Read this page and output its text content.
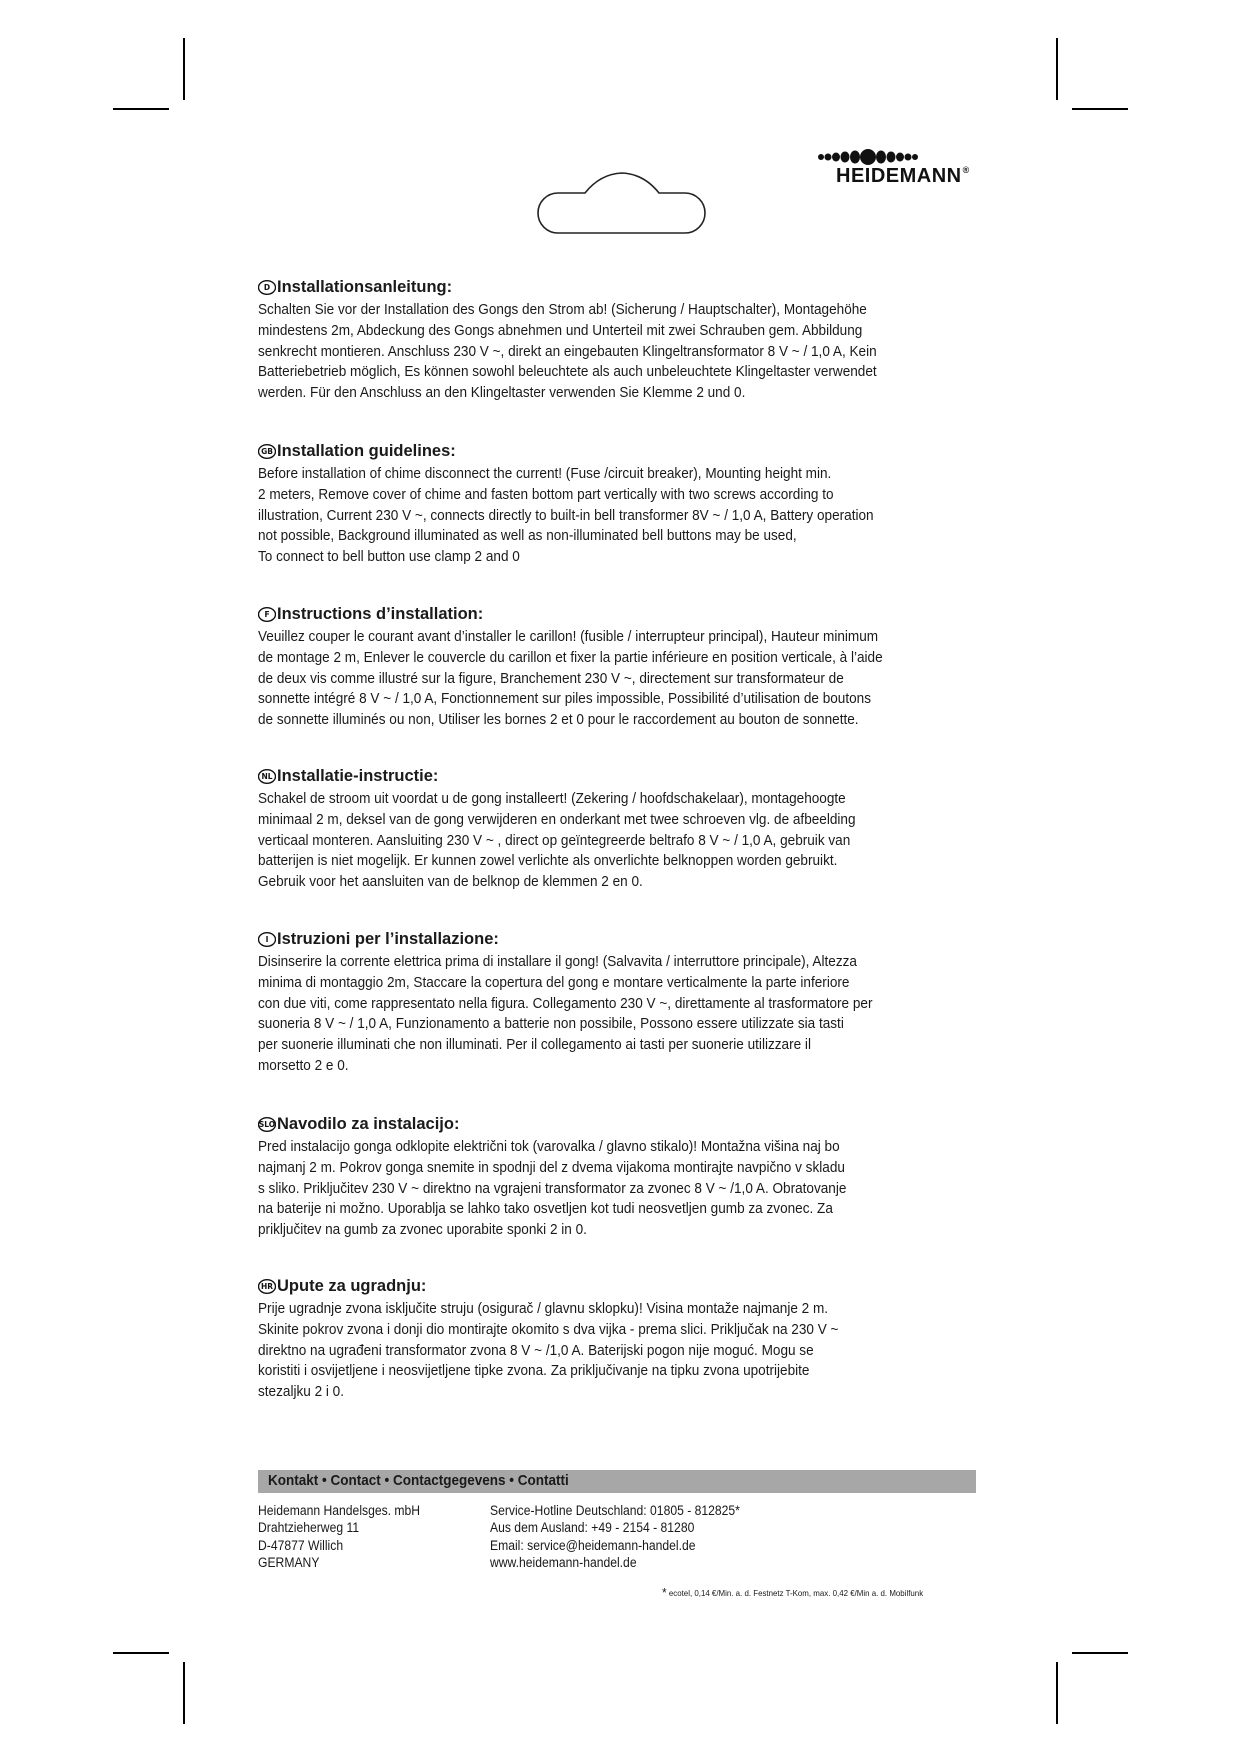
HEIDEMANN®
D Installationsanleitung:
Schalten Sie vor der Installation des Gongs den Strom ab! (Sicherung / Hauptschalter), Montagehöhe
mindestens 2m, Abdeckung des Gongs abnehmen und Unterteil mit zwei Schrauben gem. Abbildung
senkrecht montieren. Anschluss 230 V ~, direkt an eingebauten Klingeltransformator 8 V ~ / 1,0 A, Kein
Batteriebetrieb möglich, Es können sowohl beleuchtete als auch unbeleuchtete Klingeltaster verwendet
werden. Für den Anschluss an den Klingeltaster verwenden Sie Klemme 2 und 0.
GB Installation guidelines:
Before installation of chime disconnect the current! (Fuse /circuit breaker), Mounting height min.
2 meters, Remove cover of chime and fasten bottom part vertically with two screws according to
illustration, Current 230 V ~, connects directly to built-in bell transformer 8V ~ / 1,0 A, Battery operation
not possible, Background illuminated as well as non-illuminated bell buttons may be used,
To connect to bell button use clamp 2 and 0
F Instructions d’installation:
Veuillez couper le courant avant d’installer le carillon! (fusible / interrupteur principal), Hauteur minimum
de montage 2 m, Enlever le couvercle du carillon et fixer la partie inférieure en position verticale, à l’aide
de deux vis comme illustré sur la figure, Branchement 230 V ~, directement sur transformateur de
sonnette intégré 8 V ~ / 1,0 A, Fonctionnement sur piles impossible, Possibilité d’utilisation de boutons
de sonnette illuminés ou non, Utiliser les bornes 2 et 0 pour le raccordement au bouton de sonnette.
NL Installatie-instructie:
Schakel de stroom uit voordat u de gong installeert! (Zekering / hoofdschakelaar), montagehoogte
minimaal 2 m, deksel van de gong verwijderen en onderkant met twee schroeven vlg. de afbeelding
verticaal monteren. Aansluiting 230 V ~ , direct op geïntegreerde beltrafo 8 V ~ / 1,0 A, gebruik van
batterijen is niet mogelijk. Er kunnen zowel verlichte als onverlichte belknoppen worden gebruikt.
Gebruik voor het aansluiten van de belknop de klemmen 2 en 0.
I Istruzioni per l’installazione:
Disinserire la corrente elettrica prima di installare il gong! (Salvavita / interruttore principale), Altezza
minima di montaggio 2m, Staccare la copertura del gong e montare verticalmente la parte inferiore
con due viti, come rappresentato nella figura. Collegamento 230 V ~, direttamente al trasformatore per
suoneria 8 V ~ / 1,0 A, Funzionamento a batterie non possibile, Possono essere utilizzate sia tasti
per suonerie illuminati che non illuminati. Per il collegamento ai tasti per suonerie utilizzare il
morsetto 2 e 0.
SLO Navodilo za instalacijo:
Pred instalacijo gonga odklopite električni tok (varovalka / glavno stikalo)! Montažna višina naj bo
najmanj 2 m. Pokrov gonga snemite in spodnji del z dvema vijakoma montirajte navpično v skladu
s sliko. Priključitev 230 V ~ direktno na vgrajeni transformator za zvonec 8 V ~ /1,0 A. Obratovanje
na baterije ni možno. Uporablja se lahko tako osvetljen kot tudi neosvetljen gumb za zvonec. Za
priključitev na gumb za zvonec uporabite sponki 2 in 0.
HR Upute za ugradnju:
Prije ugradnje zvona isključite struju (osigurač / glavnu sklopku)! Visina montaže najmanje 2 m.
Skinite pokrov zvona i donji dio montirajte okomito s dva vijka - prema slici. Priključak na 230 V ~
direktno na ugrađeni transformator zvona 8 V ~ /1,0 A. Baterijski pogon nije moguć. Mogu se
koristiti i osvijetljene i neosvijetljene tipke zvona. Za priključivanje na tipku zvona upotrijebite
stezaljku 2 i 0.
Kontakt • Contact • Contactgegevens • Contatti
Heidemann Handelsges. mbH
Drahtzieherweg 11
D-47877 Willich
GERMANY
Service-Hotline Deutschland: 01805 - 812825*
Aus dem Ausland: +49 - 2154 - 81280
Email: service@heidemann-handel.de
www.heidemann-handel.de
* ecotel, 0,14 €/Min. a. d. Festnetz T-Kom, max. 0,42 €/Min a. d. Mobilfunk
